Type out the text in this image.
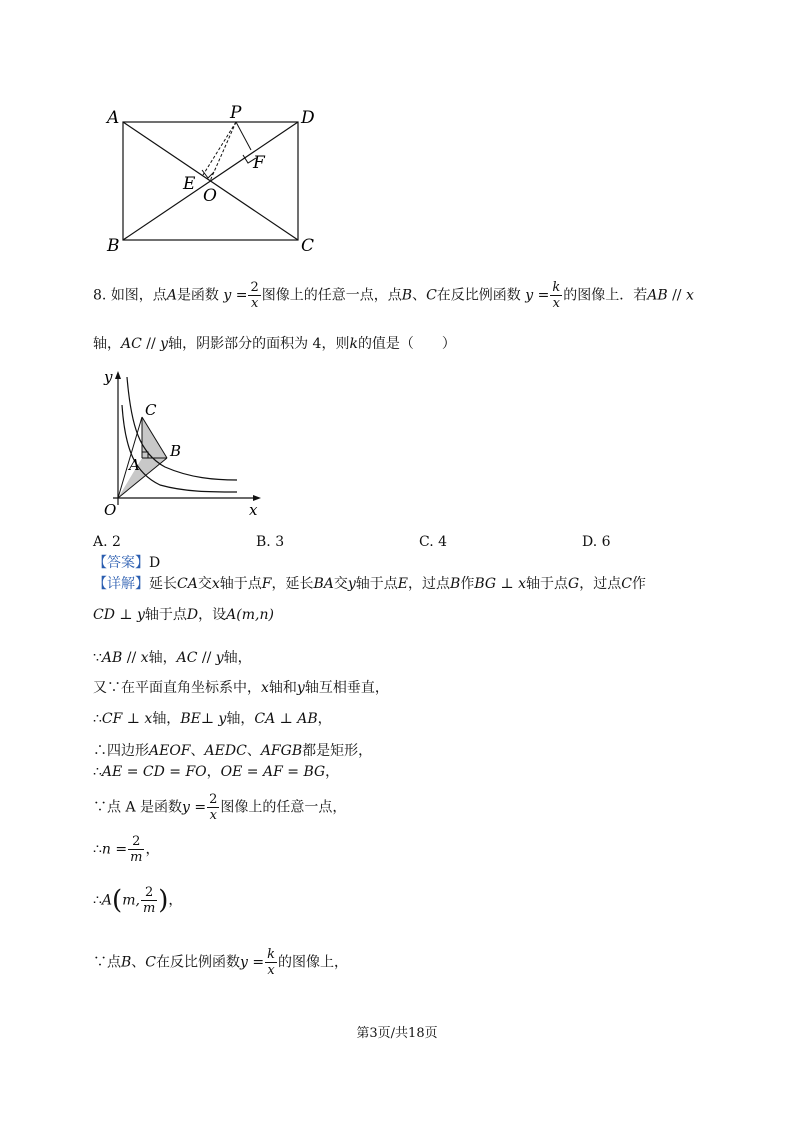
A	P	D
F
E
O
B	C
8. 如图，点A是函数 $y = \frac{2}{x}$ 图像上的任意一点，点B、C在反比例函数 $y = \frac{k}{x}$ 的图像上．若AB // x
轴，AC // y轴，阴影部分的面积为 4，则k的值是（　　）
y
x
O
C
B
A
A. 2	B. 3	C. 4	D. 6
【答案】D
【详解】延长CA交x轴于点F，延长BA交y轴于点E，过点B作BG ⊥ x轴于点G，过点C作
CD ⊥ y轴于点D，设A(m,n)
∵AB // x轴，AC // y轴，
又∵在平面直角坐标系中，x轴和y轴互相垂直，
∴CF ⊥ x轴，BE⊥ y轴，CA ⊥ AB，
∴四边形AEOF、AEDC、AFGB都是矩形，
∴AE = CD = FO，OE = AF = BG，
∵点 A 是函数$y = \frac{2}{x}$ 图像上的任意一点，
∴n = $\frac{2}{m}$ ，
∴A(m, $\frac{2}{m}$ )，
∵点B、C在反比例函数$y = \frac{k}{x}$ 的图像上，
第3页/共18页
